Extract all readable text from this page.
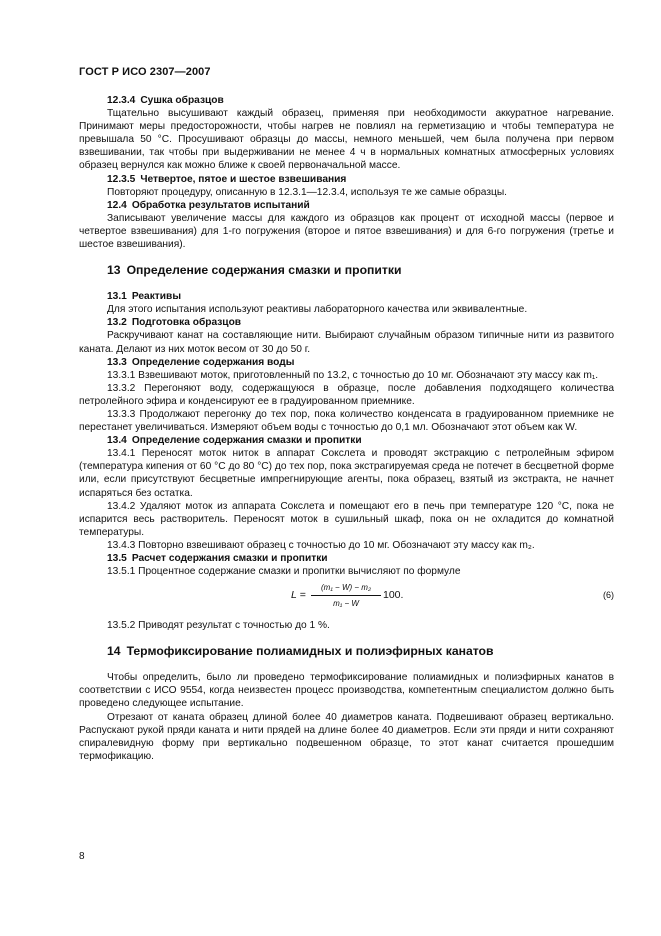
ГОСТ Р ИСО 2307—2007
12.3.4 Сушка образцов

Тщательно высушивают каждый образец, применяя при необходимости аккуратное нагревание. Принимают меры предосторожности, чтобы нагрев не повлиял на герметизацию и чтобы температура не превышала 50 °С. Просушивают образцы до массы, немного меньшей, чем была получена при первом взвешивании, так чтобы при выдерживании не менее 4 ч в нормальных комнатных атмосферных условиях образец вернулся как можно ближе к своей первоначальной массе.

12.3.5 Четвертое, пятое и шестое взвешивания

Повторяют процедуру, описанную в 12.3.1—12.3.4, используя те же самые образцы.

12.4 Обработка результатов испытаний

Записывают увеличение массы для каждого из образцов как процент от исходной массы (первое и четвертое взвешивания) для 1-го погружения (второе и пятое взвешивания) и для 6-го погружения (третье и шестое взвешивания).

13 Определение содержания смазки и пропитки
13.1 Реактивы

Для этого испытания используют реактивы лабораторного качества или эквивалентные.

13.2 Подготовка образцов

Раскручивают канат на составляющие нити. Выбирают случайным образом типичные нити из развитого каната. Делают из них моток весом от 30 до 50 г.

13.3 Определение содержания воды

13.3.1 Взвешивают моток, приготовленный по 13.2, с точностью до 10 мг. Обозначают эту массу как m₁.

13.3.2 Перегоняют воду, содержащуюся в образце, после добавления подходящего количества петролейного эфира и конденсируют ее в градуированном приемнике.

13.3.3 Продолжают перегонку до тех пор, пока количество конденсата в градуированном приемнике не перестанет увеличиваться. Измеряют объем воды с точностью до 0,1 мл. Обозначают этот объем как W.

13.4 Определение содержания смазки и пропитки

13.4.1 Переносят моток ниток в аппарат Сокслета и проводят экстракцию с петролейным эфиром (температура кипения от 60 °С до 80 °С) до тех пор, пока экстрагируемая среда не потечет в бесцветной форме или, если присутствуют бесцветные импрегнирующие агенты, пока образец, взятый из экстракта, не начнет испаряться без остатка.

13.4.2 Удаляют моток из аппарата Сокслета и помещают его в печь при температуре 120 °С, пока не испарится весь растворитель. Переносят моток в сушильный шкаф, пока он не охладится до комнатной температуры.

13.4.3 Повторно взвешивают образец с точностью до 10 мг. Обозначают эту массу как m₂.

13.5 Расчет содержания смазки и пропитки

13.5.1 Процентное содержание смазки и пропитки вычисляют по формуле

L =
(m₁ − W) − m₂
m₁ − W
100.	(6)

13.5.2 Приводят результат с точностью до 1 %.

14 Термофиксирование полиамидных и полиэфирных канатов

Чтобы определить, было ли проведено термофиксирование полиамидных и полиэфирных канатов в соответствии с ИСО 9554, когда неизвестен процесс производства, компетентным специалистом должно быть проведено следующее испытание.

Отрезают от каната образец длиной более 40 диаметров каната. Подвешивают образец вертикально. Распускают рукой пряди каната и нити прядей на длине более 40 диаметров. Если эти пряди и нити сохраняют спиралевидную форму при вертикально подвешенном образце, то этот канат считается прошедшим термофикацию.

8
